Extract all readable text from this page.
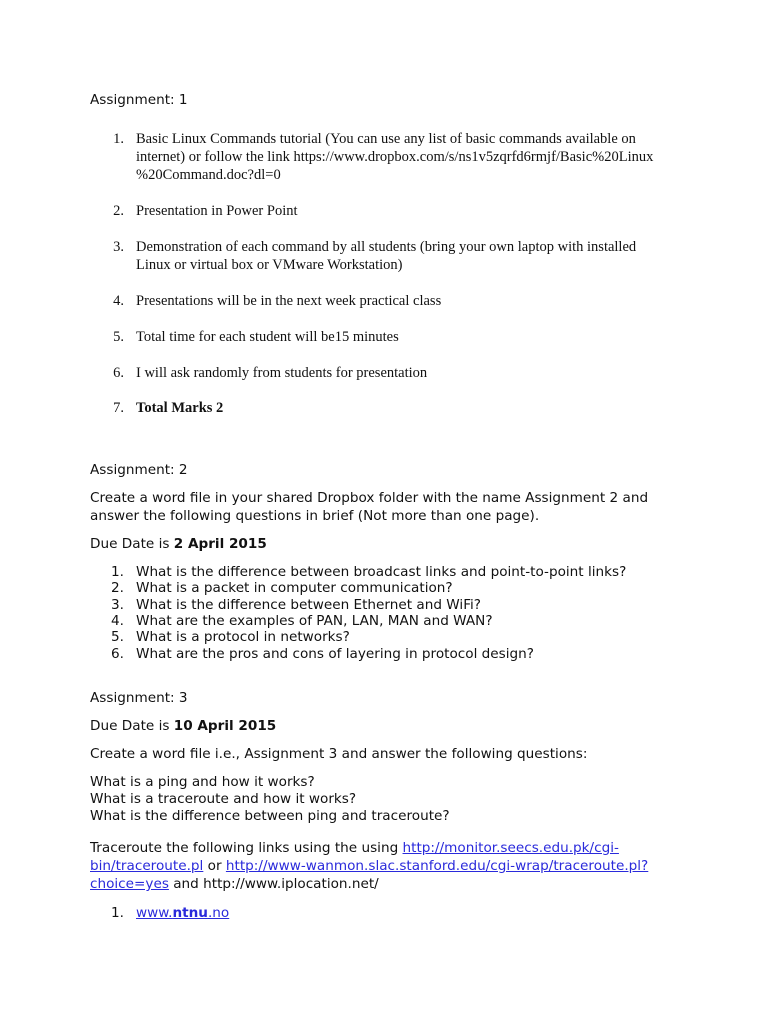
Assignment: 1
1. Basic Linux Commands tutorial (You can use any list of basic commands available on
internet) or follow the link https://www.dropbox.com/s/ns1v5zqrfd6rmjf/Basic%20Linux
%20Command.doc?dl=0
2. Presentation in Power Point
3. Demonstration of each command by all students (bring your own laptop with installed
Linux or virtual box or VMware Workstation)
4. Presentations will be in the next week practical class
5. Total time for each student will be15 minutes
6. I will ask randomly from students for presentation
7. Total Marks 2
Assignment: 2
Create a word file in your shared Dropbox folder with the name Assignment 2 and
answer the following questions in brief (Not more than one page).
Due Date is 2 April 2015
1. What is the difference between broadcast links and point-to-point links?
2. What is a packet in computer communication?
3. What is the difference between Ethernet and WiFi?
4. What are the examples of PAN, LAN, MAN and WAN?
5. What is a protocol in networks?
6. What are the pros and cons of layering in protocol design?
Assignment: 3
Due Date is 10 April 2015
Create a word file i.e., Assignment 3 and answer the following questions:
What is a ping and how it works?
What is a traceroute and how it works?
What is the difference between ping and traceroute?
Traceroute the following links using the using http://monitor.seecs.edu.pk/cgi-
bin/traceroute.pl or http://www-wanmon.slac.stanford.edu/cgi-wrap/traceroute.pl?
choice=yes and http://www.iplocation.net/
1. www.ntnu.no
